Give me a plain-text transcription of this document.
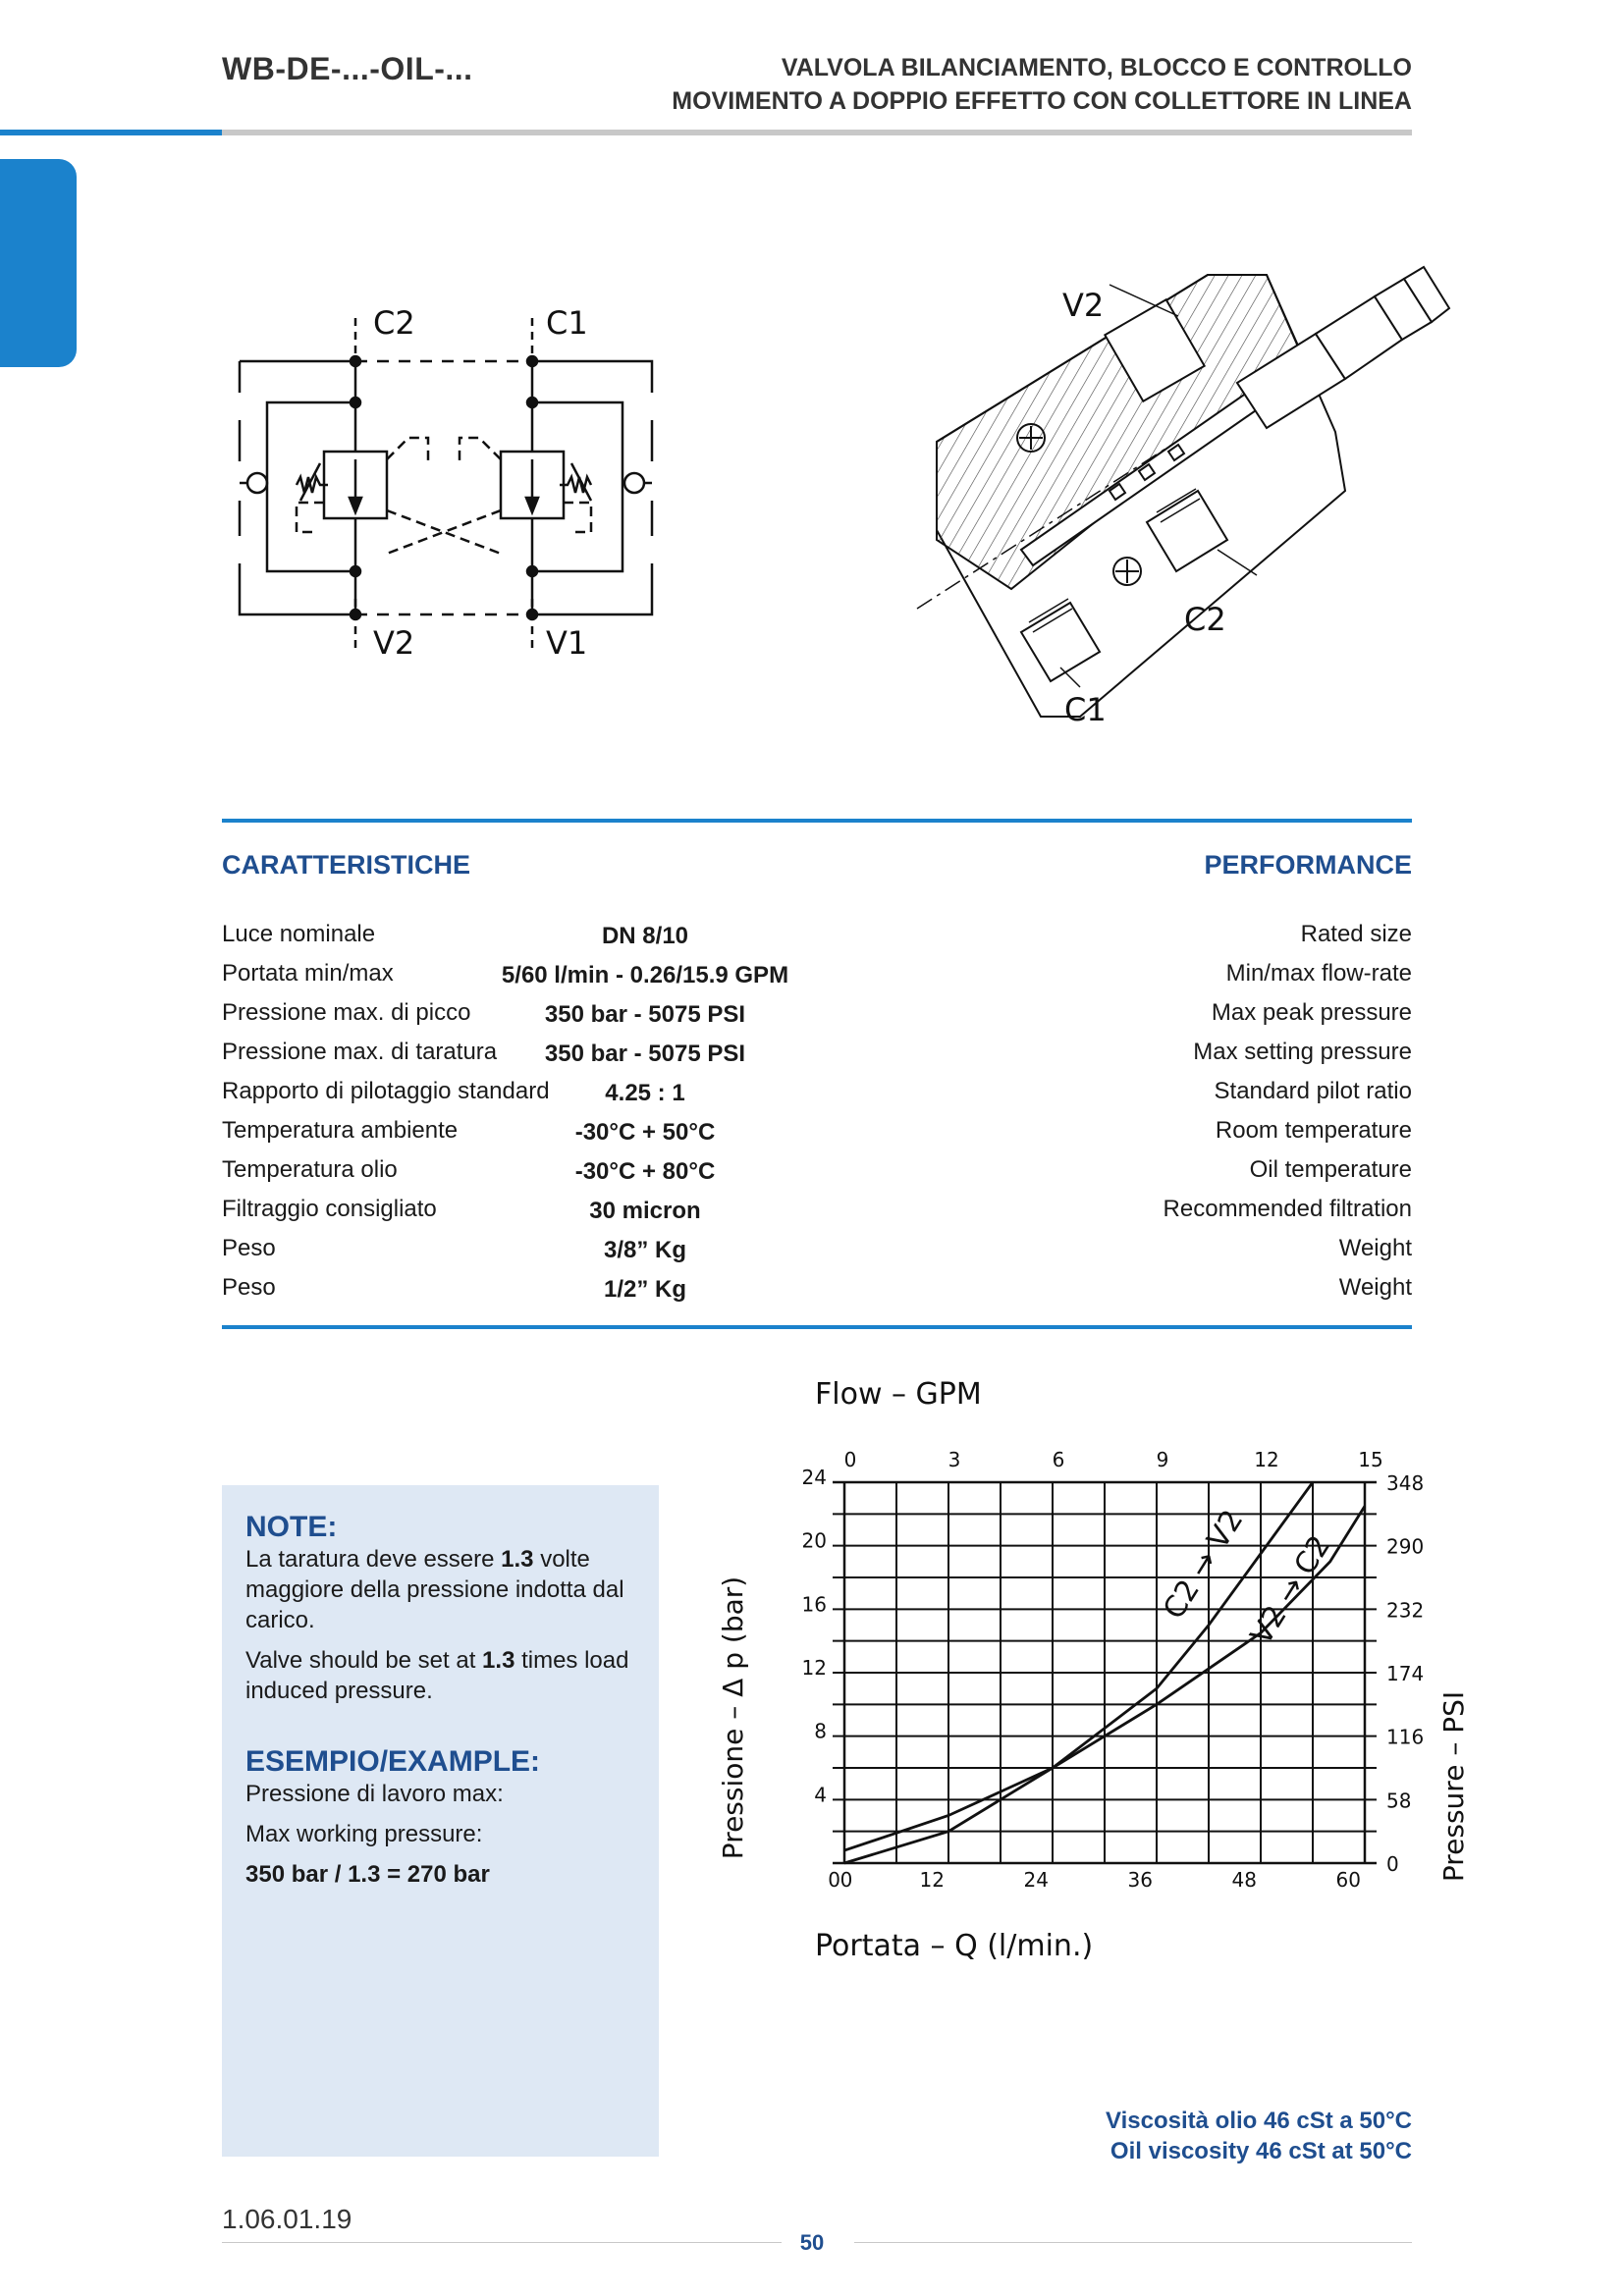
WB-DE-...-OIL-...	VALVOLA BILANCIAMENTO, BLOCCO E CONTROLLO
MOVIMENTO A DOPPIO EFFETTO CON COLLETTORE IN LINEA
C2	C1
V2	V1
V2
C2
C1
CARATTERISTICHE	PERFORMANCE
Luce nominale	DN 8/10	Rated size
Portata min/max	5/60 l/min - 0.26/15.9 GPM	Min/max flow-rate
Pressione max. di picco	350 bar - 5075 PSI	Max peak pressure
Pressione max. di taratura	350 bar - 5075 PSI	Max setting pressure
Rapporto di pilotaggio standard	4.25 : 1	Standard pilot ratio
Temperatura ambiente	-30°C + 50°C	Room temperature
Temperatura olio	-30°C + 80°C	Oil temperature
Filtraggio consigliato	30 micron	Recommended filtration
Peso	3/8” Kg	Weight
Peso	1/2” Kg	Weight
NOTE:
La taratura deve essere 1.3 volte maggiore della pressione indotta dal carico.
Valve should be set at 1.3 times load induced pressure.
ESEMPIO/EXAMPLE:
Pressione di lavoro max:
Max working pressure:
350 bar / 1.3 = 270 bar
Flow – GPM
Portata – Q (l/min.)
Pressione – Δ p (bar)	Pressure – PSI
0	12	24	36	48	60
0	3	6	9	12	15
4
8
12
16
20
24
0
0
58
116
174
232
290
348
C2 → V2
V2 → C2
Viscosità olio 46 cSt a 50°C
Oil viscosity 46 cSt at 50°C
1.06.01.19
50
